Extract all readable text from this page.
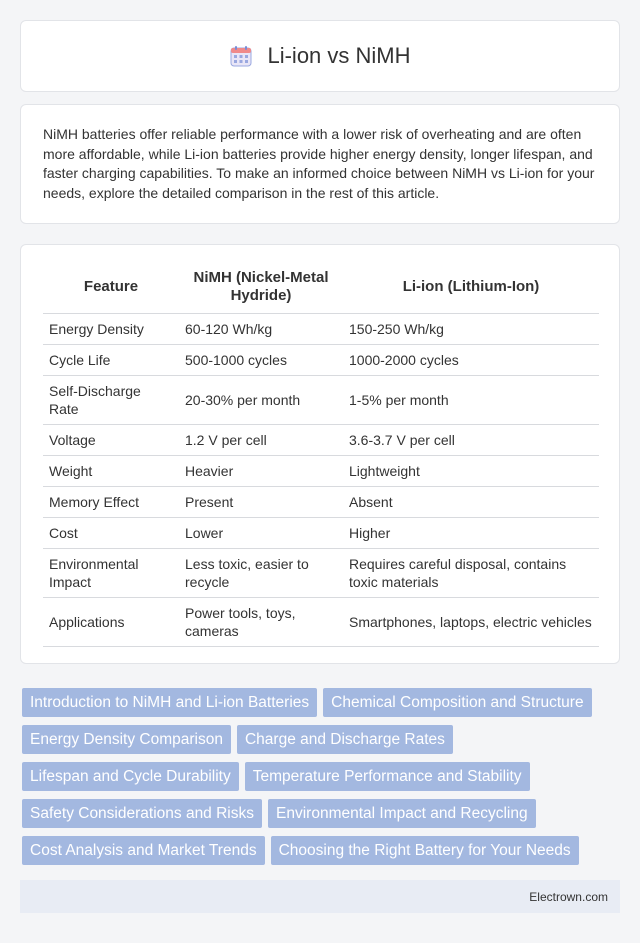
Li-ion vs NiMH

NiMH batteries offer reliable performance with a lower risk of overheating and are often more affordable, while Li-ion batteries provide higher energy density, longer lifespan, and faster charging capabilities. To make an informed choice between NiMH vs Li-ion for your needs, explore the detailed comparison in the rest of this article.

Feature	NiMH (Nickel-Metal Hydride)	Li-ion (Lithium-Ion)
Energy Density	60-120 Wh/kg	150-250 Wh/kg
Cycle Life	500-1000 cycles	1000-2000 cycles
Self-Discharge Rate	20-30% per month	1-5% per month
Voltage	1.2 V per cell	3.6-3.7 V per cell
Weight	Heavier	Lightweight
Memory Effect	Present	Absent
Cost	Lower	Higher
Environmental Impact	Less toxic, easier to recycle	Requires careful disposal, contains toxic materials
Applications	Power tools, toys, cameras	Smartphones, laptops, electric vehicles
Introduction to NiMH and Li-ion Batteries	Chemical Composition and Structure
Energy Density Comparison	Charge and Discharge Rates
Lifespan and Cycle Durability	Temperature Performance and Stability
Safety Considerations and Risks	Environmental Impact and Recycling
Cost Analysis and Market Trends	Choosing the Right Battery for Your Needs
Electrown.com
